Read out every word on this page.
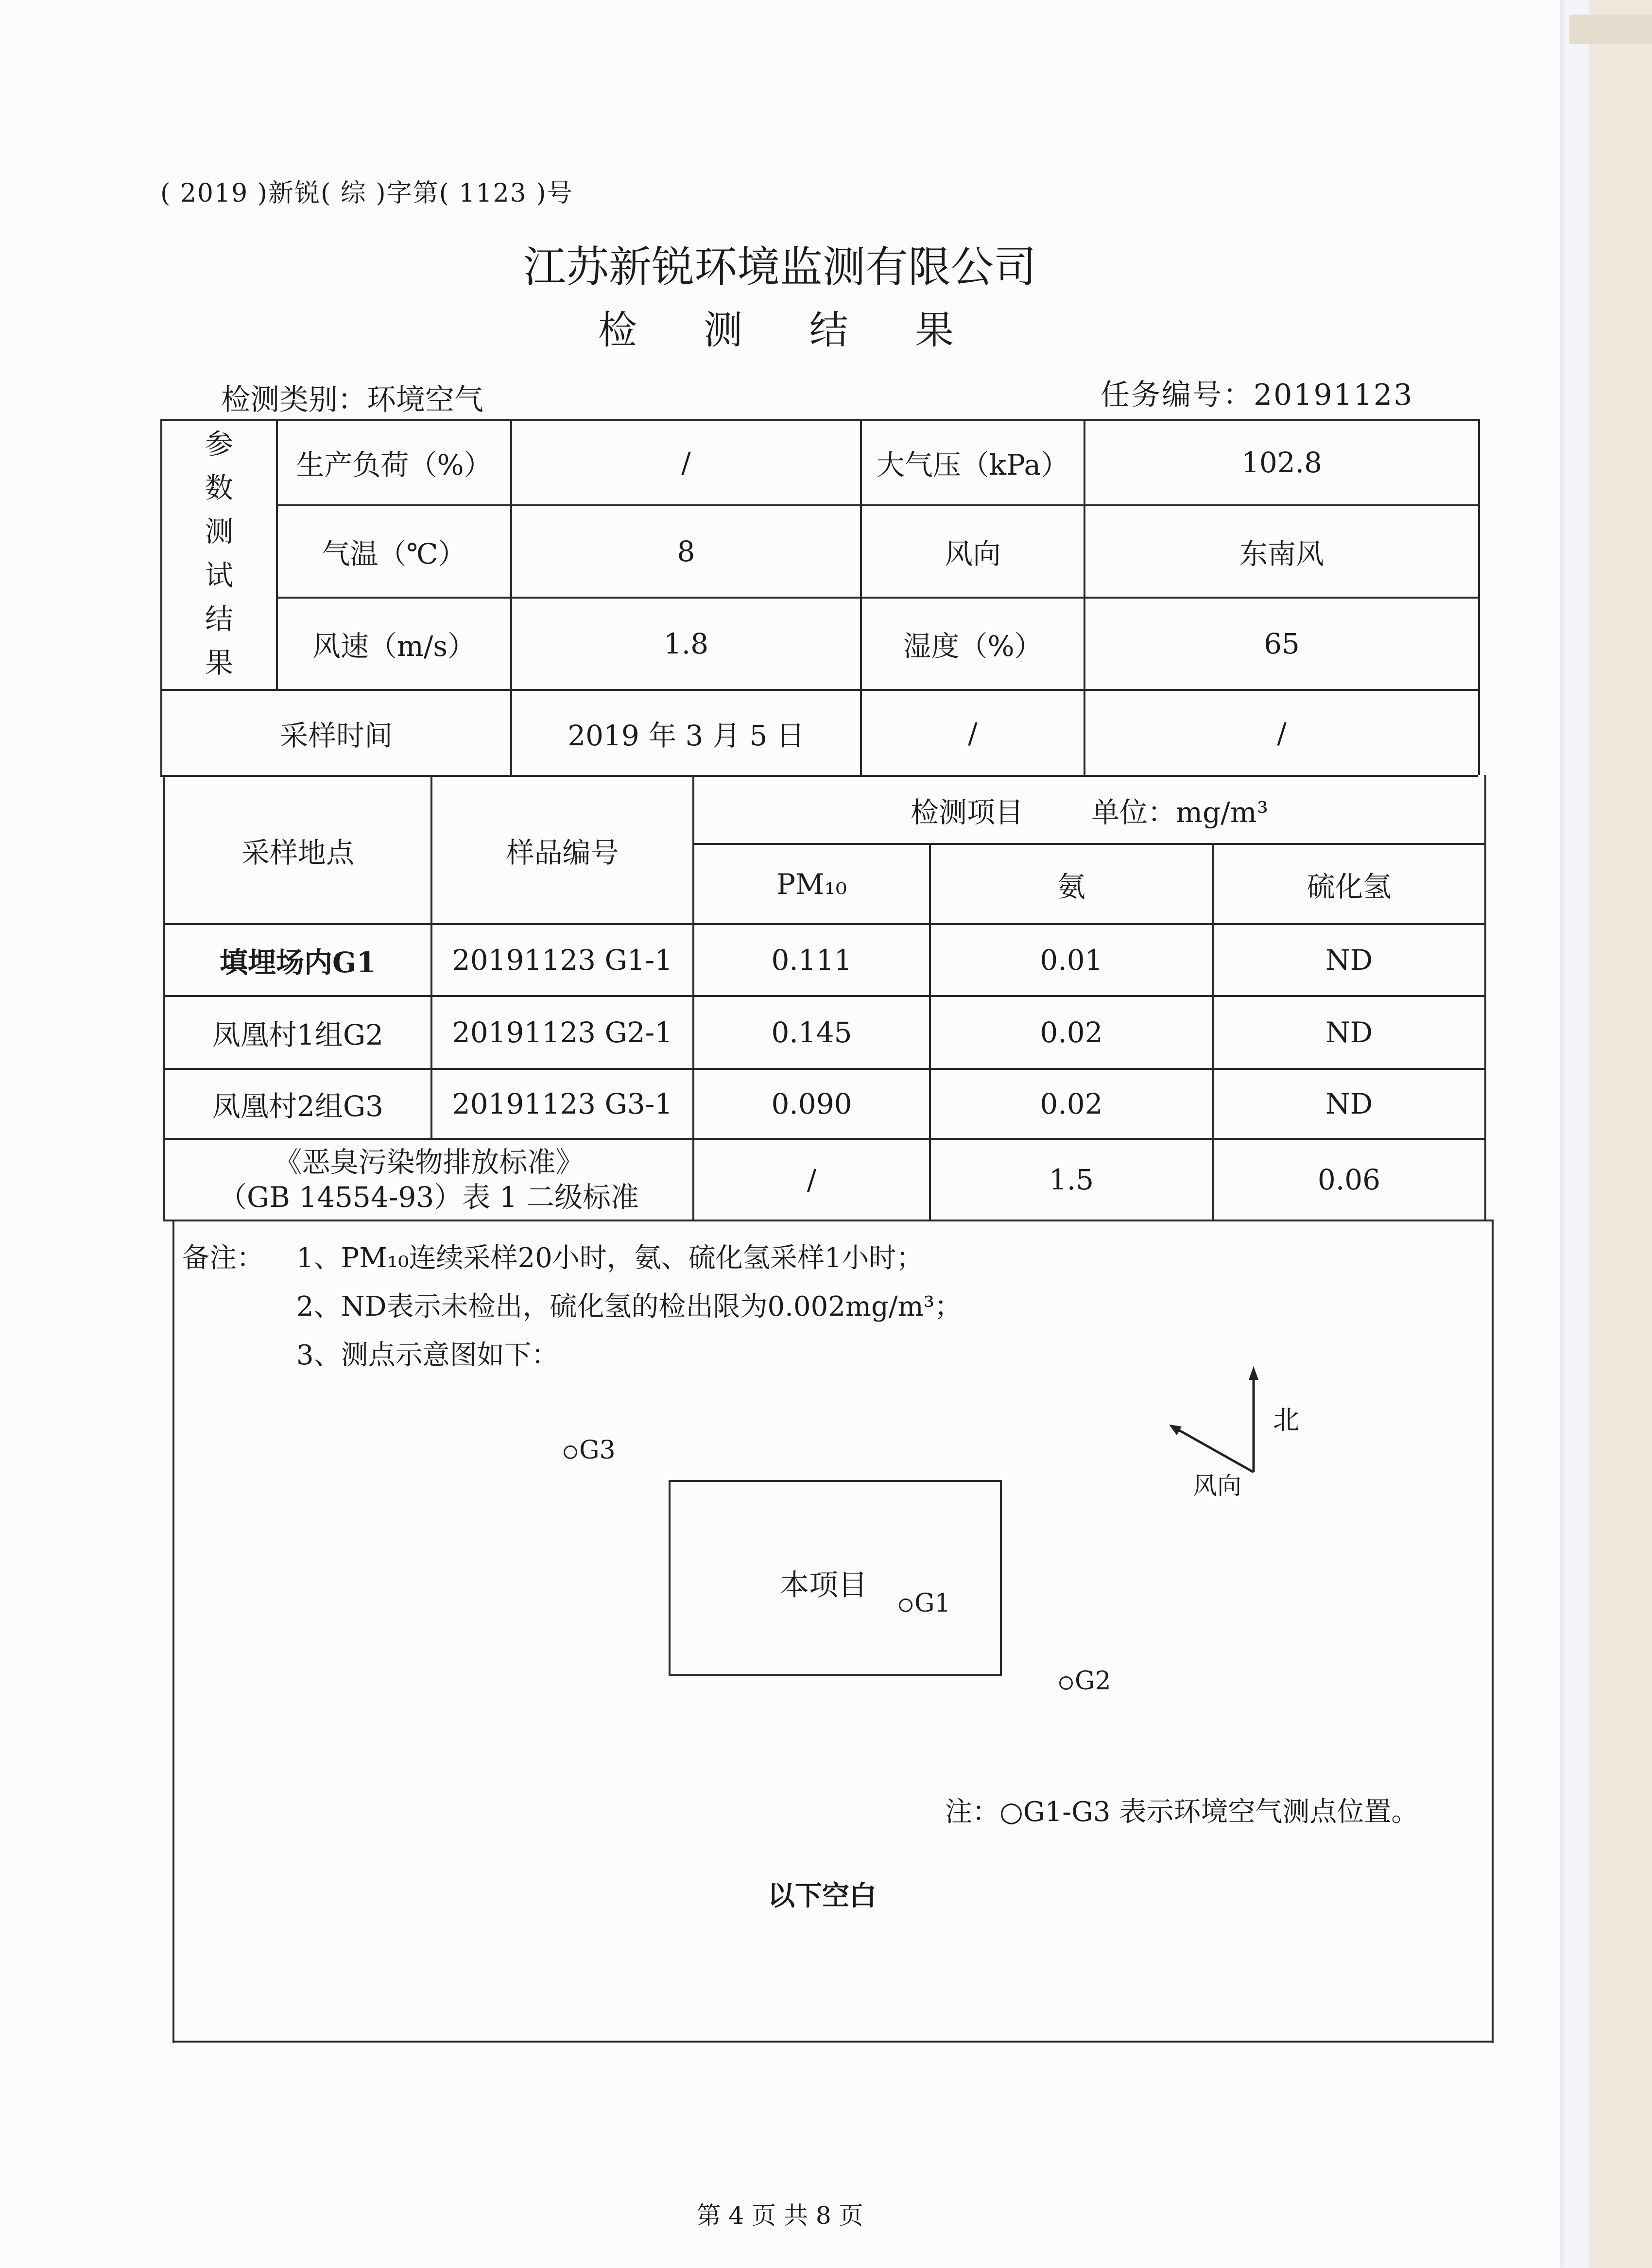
( 2019 )新锐( 综 )字第( 1123 )号
江苏新锐环境监测有限公司
检 测 结 果
检测类别：环境空气	任务编号：20191123
参数测试结果
生产负荷（%）	/	大气压（kPa）	102.8
气温（℃）	8	风向	东南风
风速（m/s）	1.8	湿度（%）	65
采样时间	2019 年 3 月 5 日	/	/
采样地点	样品编号
检测项目 单位：mg/m³
PM₁₀	氨	硫化氢
填埋场内G1	20191123 G1-1	0.111	0.01	ND
凤凰村1组G2	20191123 G2-1	0.145	0.02	ND
凤凰村2组G3	20191123 G3-1	0.090	0.02	ND
《恶臭污染物排放标准》
（GB 14554-93）表 1 二级标准
/	1.5	0.06
备注： 1、PM₁₀连续采样20小时，氨、硫化氢采样1小时；
2、ND表示未检出，硫化氢的检出限为0.002mg/m³；
3、测点示意图如下：
G3
本项目
G1
G2
北
风向
注：○G1-G3 表示环境空气测点位置。
以下空白
第 4 页 共 8 页
